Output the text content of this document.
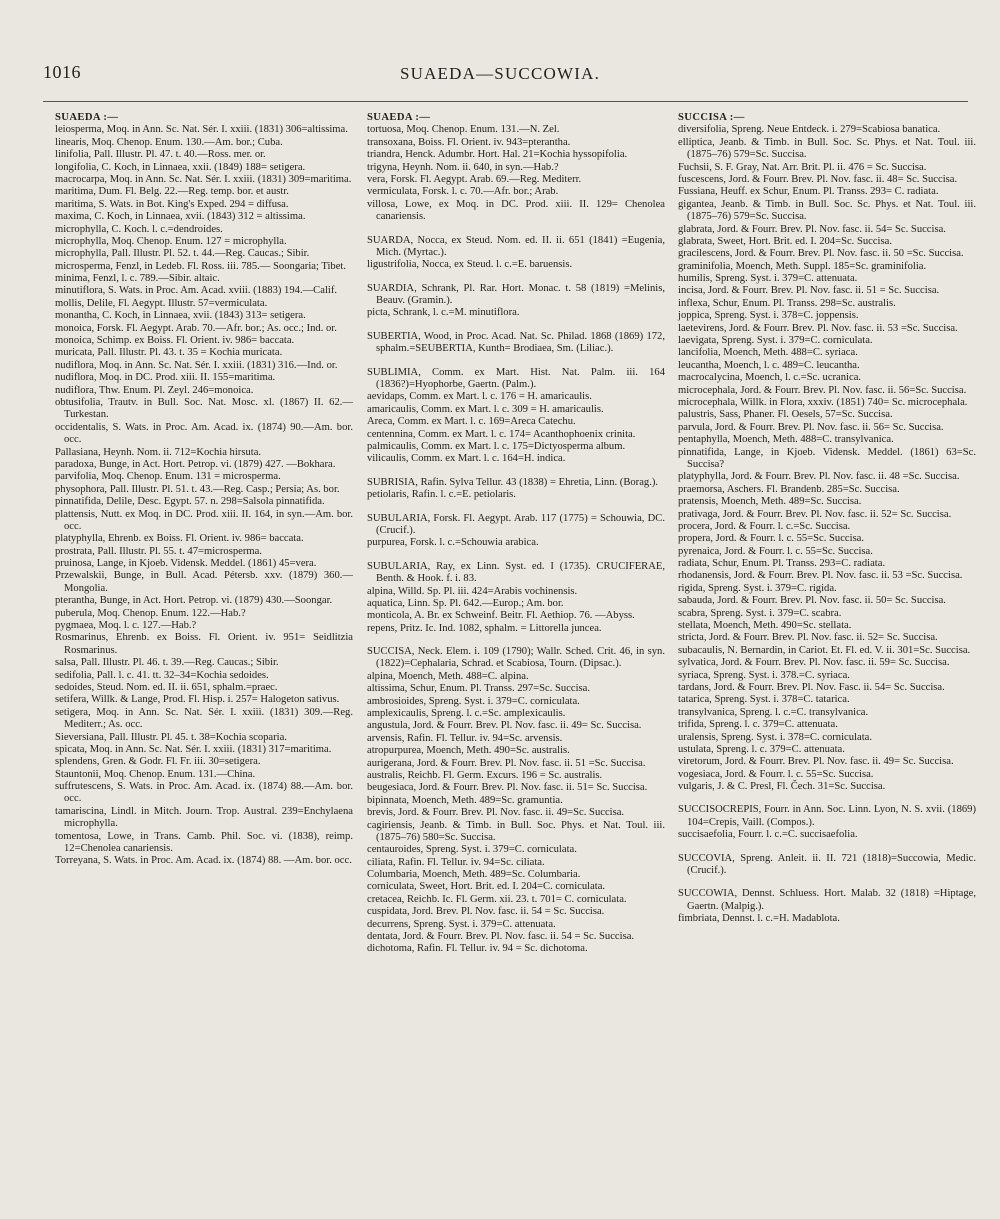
1016	SUAEDA—SUCCOWIA.

SUAEDA :—

leiosperma, Moq. in Ann. Sc. Nat. Sér. I. xxiii. (1831) 306=altissima.

linearis, Moq. Chenop. Enum. 130.—Am. bor.; Cuba.

linifolia, Pall. Illustr. Pl. 47. t. 40.—Ross. mer. or.

longifolia, C. Koch, in Linnaea, xxii. (1849) 188= setigera.

macrocarpa, Moq. in Ann. Sc. Nat. Sér. I. xxiii. (1831) 309=maritima.

maritima, Dum. Fl. Belg. 22.—Reg. temp. bor. et austr.

maritima, S. Wats. in Bot. King's Exped. 294 = diffusa.

maxima, C. Koch, in Linnaea, xvii. (1843) 312 = altissima.

microphylla, C. Koch. l. c.=dendroides.

microphylla, Moq. Chenop. Enum. 127 = microphylla.

microphylla, Pall. Illustr. Pl. 52. t. 44.—Reg. Caucas.; Sibir.

microsperma, Fenzl, in Ledeb. Fl. Ross. iii. 785.— Soongaria; Tibet.

minima, Fenzl, l. c. 789.—Sibir. altaic.

minutiflora, S. Wats. in Proc. Am. Acad. xviii. (1883) 194.—Calif.

mollis, Delile, Fl. Aegypt. Illustr. 57=vermiculata.

monantha, C. Koch, in Linnaea, xvii. (1843) 313= setigera.

monoica, Forsk. Fl. Aegypt. Arab. 70.—Afr. bor.; As. occ.; Ind. or.

monoica, Schimp. ex Boiss. Fl. Orient. iv. 986= baccata.

muricata, Pall. Illustr. Pl. 43. t. 35 = Kochia muricata.

nudiflora, Moq. in Ann. Sc. Nat. Sér. I. xxiii. (1831) 316.—Ind. or.

nudiflora, Moq. in DC. Prod. xiii. II. 155=maritima.

nudiflora, Thw. Enum. Pl. Zeyl. 246=monoica.

obtusifolia, Trautv. in Bull. Soc. Nat. Mosc. xl. (1867) II. 62.—Turkestan.

occidentalis, S. Wats. in Proc. Am. Acad. ix. (1874) 90.—Am. bor. occ.

Pallasiana, Heynh. Nom. ii. 712=Kochia hirsuta.

paradoxa, Bunge, in Act. Hort. Petrop. vi. (1879) 427. —Bokhara.

parvifolia, Moq. Chenop. Enum. 131 = microsperma.

physophora, Pall. Illustr. Pl. 51. t. 43.—Reg. Casp.; Persia; As. bor.

pinnatifida, Delile, Desc. Egypt. 57. n. 298=Salsola pinnatifida.

plattensis, Nutt. ex Moq. in DC. Prod. xiii. II. 164, in syn.—Am. bor. occ.

platyphylla, Ehrenb. ex Boiss. Fl. Orient. iv. 986= baccata.

prostrata, Pall. Illustr. Pl. 55. t. 47=microsperma.

pruinosa, Lange, in Kjoeb. Vidensk. Meddel. (1861) 45=vera.

Przewalskii, Bunge, in Bull. Acad. Pétersb. xxv. (1879) 360.—Mongolia.

pterantha, Bunge, in Act. Hort. Petrop. vi. (1879) 430.—Soongar.

puberula, Moq. Chenop. Enum. 122.—Hab.?

pygmaea, Moq. l. c. 127.—Hab.?

Rosmarinus, Ehrenb. ex Boiss. Fl. Orient. iv. 951= Seidlitzia Rosmarinus.

salsa, Pall. Illustr. Pl. 46. t. 39.—Reg. Caucas.; Sibir.

sedifolia, Pall. l. c. 41. tt. 32–34=Kochia sedoides.

sedoides, Steud. Nom. ed. II. ii. 651, sphalm.=praec.

setifera, Willk. & Lange, Prod. Fl. Hisp. i. 257= Halogeton sativus.

setigera, Moq. in Ann. Sc. Nat. Sér. I. xxiii. (1831) 309.—Reg. Mediterr.; As. occ.

Sieversiana, Pall. Illustr. Pl. 45. t. 38=Kochia scoparia.

spicata, Moq. in Ann. Sc. Nat. Sér. I. xxiii. (1831) 317=maritima.

splendens, Gren. & Godr. Fl. Fr. iii. 30=setigera.

Stauntonii, Moq. Chenop. Enum. 131.—China.

suffrutescens, S. Wats. in Proc. Am. Acad. ix. (1874) 88.—Am. bor. occ.

tamariscina, Lindl. in Mitch. Journ. Trop. Austral. 239=Enchylaena microphylla.

tomentosa, Lowe, in Trans. Camb. Phil. Soc. vi. (1838), reimp. 12=Chenolea canariensis.

Torreyana, S. Wats. in Proc. Am. Acad. ix. (1874) 88. —Am. bor. occ.

SUAEDA :—

tortuosa, Moq. Chenop. Enum. 131.—N. Zel.

transoxana, Boiss. Fl. Orient. iv. 943=pterantha.

triandra, Henck. Adumbr. Hort. Hal. 21=Kochia hyssopifolia.

trigyna, Heynh. Nom. ii. 640, in syn.—Hab.?

vera, Forsk. Fl. Aegypt. Arab. 69.—Reg. Mediterr.

vermiculata, Forsk. l. c. 70.—Afr. bor.; Arab.

villosa, Lowe, ex Moq. in DC. Prod. xiii. II. 129= Chenolea canariensis.

SUARDA, Nocca, ex Steud. Nom. ed. II. ii. 651 (1841) =Eugenia, Mich. (Myrtac.).

ligustrifolia, Nocca, ex Steud. l. c.=E. baruensis.

SUARDIA, Schrank, Pl. Rar. Hort. Monac. t. 58 (1819) =Melinis, Beauv. (Gramin.).

picta, Schrank, l. c.=M. minutiflora.

SUBERTIA, Wood, in Proc. Acad. Nat. Sc. Philad. 1868 (1869) 172, sphalm.=SEUBERTIA, Kunth= Brodiaea, Sm. (Liliac.).

SUBLIMIA, Comm. ex Mart. Hist. Nat. Palm. iii. 164 (1836?)=Hyophorbe, Gaertn. (Palm.).

aevidaps, Comm. ex Mart. l. c. 176 = H. amaricaulis.

amaricaulis, Comm. ex Mart. l. c. 309 = H. amaricaulis.

Areca, Comm. ex Mart. l. c. 169=Areca Catechu.

centennina, Comm. ex Mart. l. c. 174= Acanthophoenix crinita.

palmicaulis, Comm. ex Mart. l. c. 175=Dictyosperma album.

vilicaulis, Comm. ex Mart. l. c. 164=H. indica.

SUBRISIA, Rafin. Sylva Tellur. 43 (1838) = Ehretia, Linn. (Borag.).

petiolaris, Rafin. l. c.=E. petiolaris.

SUBULARIA, Forsk. Fl. Aegypt. Arab. 117 (1775) = Schouwia, DC. (Crucif.).

purpurea, Forsk. l. c.=Schouwia arabica.

SUBULARIA, Ray, ex Linn. Syst. ed. I (1735). CRUCIFERAE, Benth. & Hook. f. i. 83.

alpina, Willd. Sp. Pl. iii. 424=Arabis vochinensis.

aquatica, Linn. Sp. Pl. 642.—Europ.; Am. bor.

monticola, A. Br. ex Schweinf. Beitr. Fl. Aethiop. 76. —Abyss.

repens, Pritz. Ic. Ind. 1082, sphalm. = Littorella juncea.

SUCCISA, Neck. Elem. i. 109 (1790); Wallr. Sched. Crit. 46, in syn. (1822)=Cephalaria, Schrad. et Scabiosa, Tourn. (Dipsac.).

alpina, Moench, Meth. 488=C. alpina.

altissima, Schur, Enum. Pl. Transs. 297=Sc. Succisa.

ambrosioides, Spreng. Syst. i. 379=C. corniculata.

amplexicaulis, Spreng. l. c.=Sc. amplexicaulis.

angustula, Jord. & Fourr. Brev. Pl. Nov. fasc. ii. 49= Sc. Succisa.

arvensis, Rafin. Fl. Tellur. iv. 94=Sc. arvensis.

atropurpurea, Moench, Meth. 490=Sc. australis.

aurigerana, Jord. & Fourr. Brev. Pl. Nov. fasc. ii. 51 =Sc. Succisa.

australis, Reichb. Fl. Germ. Excurs. 196 = Sc. australis.

beugesiaca, Jord. & Fourr. Brev. Pl. Nov. fasc. ii. 51= Sc. Succisa.

bipinnata, Moench, Meth. 489=Sc. gramuntia.

brevis, Jord. & Fourr. Brev. Pl. Nov. fasc. ii. 49=Sc. Succisa.

cagiriensis, Jeanb. & Timb. in Bull. Soc. Phys. et Nat. Toul. iii. (1875–76) 580=Sc. Succisa.

centauroides, Spreng. Syst. i. 379=C. corniculata.

ciliata, Rafin. Fl. Tellur. iv. 94=Sc. ciliata.

Columbaria, Moench, Meth. 489=Sc. Columbaria.

corniculata, Sweet, Hort. Brit. ed. I. 204=C. corniculata.

cretacea, Reichb. Ic. Fl. Germ. xii. 23. t. 701= C. corniculata.

cuspidata, Jord. Brev. Pl. Nov. fasc. ii. 54 = Sc. Succisa.

decurrens, Spreng. Syst. i. 379=C. attenuata.

dentata, Jord. & Fourr. Brev. Pl. Nov. fasc. ii. 54 = Sc. Succisa.

dichotoma, Rafin. Fl. Tellur. iv. 94 = Sc. dichotoma.

SUCCISA :—

diversifolia, Spreng. Neue Entdeck. i. 279=Scabiosa banatica.

elliptica, Jeanb. & Timb. in Bull. Soc. Sc. Phys. et Nat. Toul. iii. (1875–76) 579=Sc. Succisa.

Fuchsii, S. F. Gray, Nat. Arr. Brit. Pl. ii. 476 = Sc. Succisa.

fuscescens, Jord. & Fourr. Brev. Pl. Nov. fasc. ii. 48= Sc. Succisa.

Fussiana, Heuff. ex Schur, Enum. Pl. Transs. 293= C. radiata.

gigantea, Jeanb. & Timb. in Bull. Soc. Sc. Phys. et Nat. Toul. iii. (1875–76) 579=Sc. Succisa.

glabrata, Jord. & Fourr. Brev. Pl. Nov. fasc. ii. 54= Sc. Succisa.

glabrata, Sweet, Hort. Brit. ed. I. 204=Sc. Succisa.

gracilescens, Jord. & Fourr. Brev. Pl. Nov. fasc. ii. 50 =Sc. Succisa.

graminifolia, Moench, Meth. Suppl. 185=Sc. graminifolia.

humilis, Spreng. Syst. i. 379=C. attenuata.

incisa, Jord. & Fourr. Brev. Pl. Nov. fasc. ii. 51 = Sc. Succisa.

inflexa, Schur, Enum. Pl. Transs. 298=Sc. australis.

joppica, Spreng. Syst. i. 378=C. joppensis.

laetevirens, Jord. & Fourr. Brev. Pl. Nov. fasc. ii. 53 =Sc. Succisa.

laevigata, Spreng. Syst. i. 379=C. corniculata.

lancifolia, Moench, Meth. 488=C. syriaca.

leucantha, Moench, l. c. 489=C. leucantha.

macrocalycina, Moench, l. c.=Sc. ucranica.

microcephala, Jord. & Fourr. Brev. Pl. Nov. fasc. ii. 56=Sc. Succisa.

microcephala, Willk. in Flora, xxxiv. (1851) 740= Sc. microcephala.

palustris, Sass, Phaner. Fl. Oesels, 57=Sc. Succisa.

parvula, Jord. & Fourr. Brev. Pl. Nov. fasc. ii. 56= Sc. Succisa.

pentaphylla, Moench, Meth. 488=C. transylvanica.

pinnatifida, Lange, in Kjoeb. Vidensk. Meddel. (1861) 63=Sc. Succisa?

platyphylla, Jord. & Fourr. Brev. Pl. Nov. fasc. ii. 48 =Sc. Succisa.

praemorsa, Aschers. Fl. Brandenb. 285=Sc. Succisa.

pratensis, Moench, Meth. 489=Sc. Succisa.

prativaga, Jord. & Fourr. Brev. Pl. Nov. fasc. ii. 52= Sc. Succisa.

procera, Jord. & Fourr. l. c.=Sc. Succisa.

propera, Jord. & Fourr. l. c. 55=Sc. Succisa.

pyrenaica, Jord. & Fourr. l. c. 55=Sc. Succisa.

radiata, Schur, Enum. Pl. Transs. 293=C. radiata.

rhodanensis, Jord. & Fourr. Brev. Pl. Nov. fasc. ii. 53 =Sc. Succisa.

rigida, Spreng. Syst. i. 379=C. rigida.

sabauda, Jord. & Fourr. Brev. Pl. Nov. fasc. ii. 50= Sc. Succisa.

scabra, Spreng. Syst. i. 379=C. scabra.

stellata, Moench, Meth. 490=Sc. stellata.

stricta, Jord. & Fourr. Brev. Pl. Nov. fasc. ii. 52= Sc. Succisa.

subacaulis, N. Bernardin, in Cariot. Et. Fl. ed. V. ii. 301=Sc. Succisa.

sylvatica, Jord. & Fourr. Brev. Pl. Nov. fasc. ii. 59= Sc. Succisa.

syriaca, Spreng. Syst. i. 378.=C. syriaca.

tardans, Jord. & Fourr. Brev. Pl. Nov. Fasc. ii. 54= Sc. Succisa.

tatarica, Spreng. Syst. i. 378=C. tatarica.

transylvanica, Spreng. l. c.=C. transylvanica.

trifida, Spreng. l. c. 379=C. attenuata.

uralensis, Spreng. Syst. i. 378=C. corniculata.

ustulata, Spreng. l. c. 379=C. attenuata.

viretorum, Jord. & Fourr. Brev. Pl. Nov. fasc. ii. 49= Sc. Succisa.

vogesiaca, Jord. & Fourr. l. c. 55=Sc. Succisa.

vulgaris, J. & C. Presl, Fl. Čech. 31=Sc. Succisa.

SUCCISOCREPIS, Fourr. in Ann. Soc. Linn. Lyon, N. S. xvii. (1869) 104=Crepis, Vaill. (Compos.).

succisaefolia, Fourr. l. c.=C. succisaefolia.

SUCCOVIA, Spreng. Anleit. ii. II. 721 (1818)=Succowia, Medic. (Crucif.).

SUCCOWIA, Dennst. Schluess. Hort. Malab. 32 (1818) =Hiptage, Gaertn. (Malpig.).

fimbriata, Dennst. l. c.=H. Madablota.
